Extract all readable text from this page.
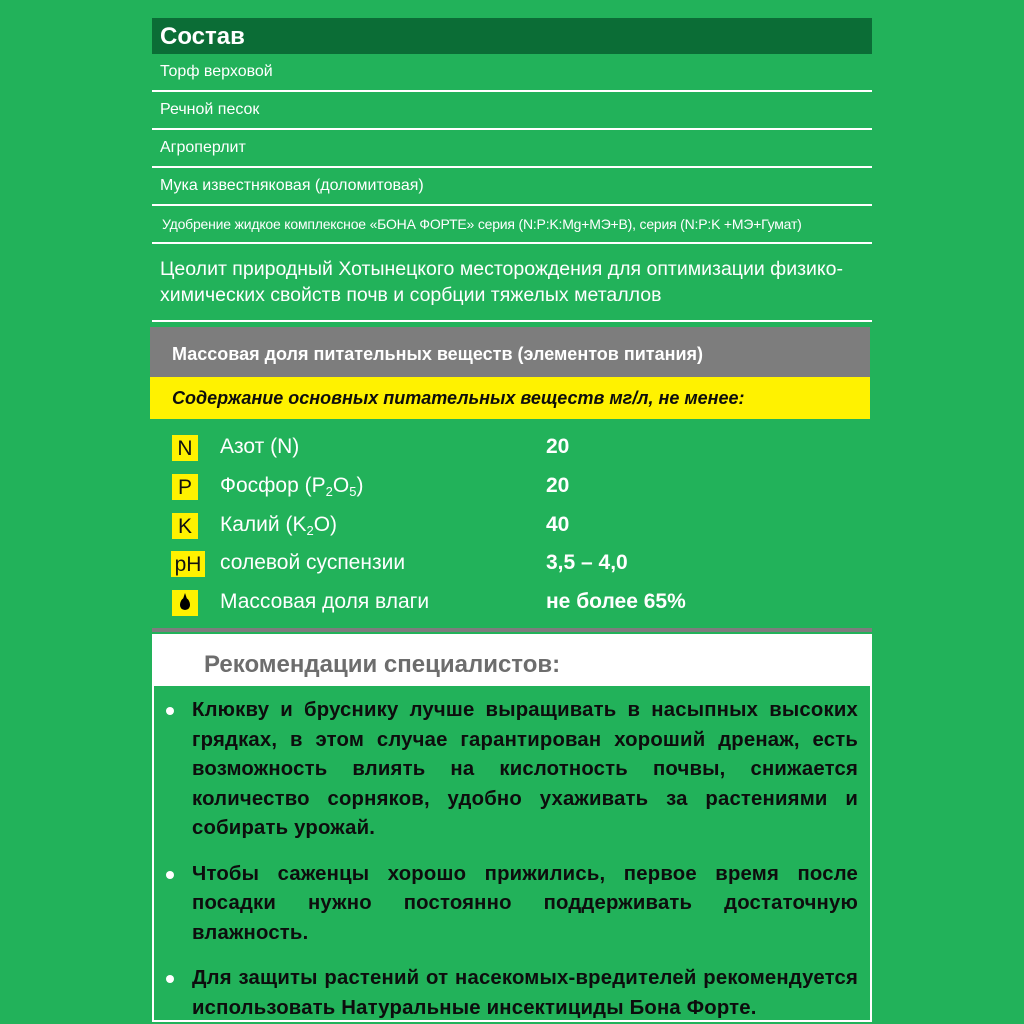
Состав
Торф верховой
Речной песок
Агроперлит
Мука известняковая (доломитовая)
Удобрение жидкое комплексное «БОНА ФОРТЕ» серия (N:P:K:Mg+МЭ+B), серия (N:P:K +МЭ+Гумат)
Цеолит природный Хотынецкого месторождения для оптимизации физико-химических свойств почв и сорбции тяжелых металлов
Массовая доля питательных веществ (элементов питания)
Содержание основных питательных веществ мг/л, не менее:
N Азот (N)	20
P Фосфор $(P_2O_5)$	20
K Калий $(K_2O)$	40
pH солевой суспензии	3,5 – 4,0
Массовая доля влаги	не более 65%
Рекомендации специалистов:
Клюкву и бруснику лучше выращивать в насыпных высоких грядках, в этом случае гарантирован хороший дренаж, есть возможность влиять на кислотность почвы, снижается количество сорняков, удобно ухаживать за растениями и собирать урожай.
Чтобы саженцы хорошо прижились, первое время после посадки нужно постоянно поддерживать достаточную влажность.
Для защиты растений от насекомых-вредителей рекомендуется использовать Натуральные инсектициды Бона Форте.
